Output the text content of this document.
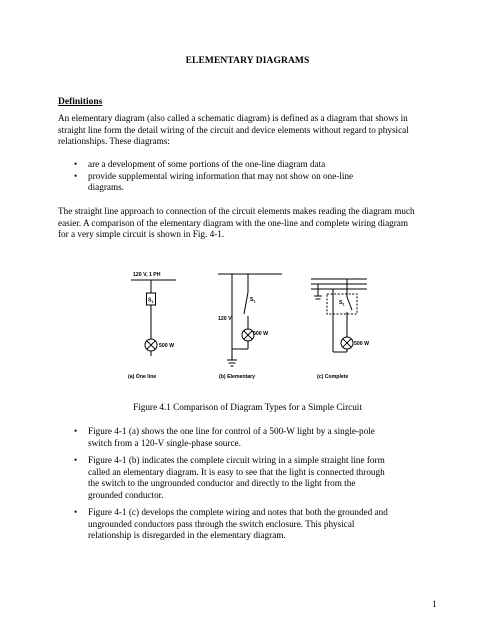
ELEMENTARY DIAGRAMS
Definitions
An elementary diagram (also called a schematic diagram) is defined as a diagram that shows in
straight line form the detail wiring of the circuit and device elements without regard to physical
relationships. These diagrams:
• are a development of some portions of the one-line diagram data
• provide supplemental wiring information that may not show on one-line
diagrams.
The straight line approach to connection of the circuit elements makes reading the diagram much
easier. A comparison of the elementary diagram with the one-line and complete wiring diagram
for a very simple circuit is shown in Fig. 4-1.
120 V, 1 PH
$S_1$
500 W
(a) One line
$S_1$
120 V
500 W
(b) Elementary
$S_1$
500 W
(c) Complete
Figure 4.1 Comparison of Diagram Types for a Simple Circuit
• Figure 4-1 (a) shows the one line for control of a 500-W light by a single-pole
switch from a 120-V single-phase source.
• Figure 4-1 (b) indicates the complete circuit wiring in a simple straight line form
called an elementary diagram. It is easy to see that the light is connected through
the switch to the ungrounded conductor and directly to the light from the
grounded conductor.
• Figure 4-1 (c) develops the complete wiring and notes that both the grounded and
ungrounded conductors pass through the switch enclosure. This physical
relationship is disregarded in the elementary diagram.
1
